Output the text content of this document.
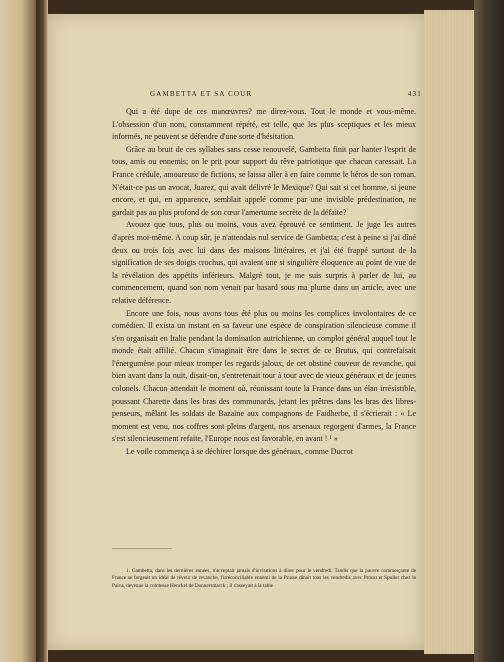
GAMBETTA ET SA COUR	431

Qui a été dupe de ces manœuvres? me direz-vous. Tout le monde et vous-même. L'obsession d'un nom, constamment répété, est telle, que les plus sceptiques et les mieux informés, ne peuvent se défendre d'une sorte d'hésitation.

Grâce au bruit de ces syllabes sans cesse renouvelé, Gambetta finit par hanter l'esprit de tous, amis ou ennemis; on le prit pour support du rêve patriotique que chacun caressait. La France crédule, amoureuse de fictions, se laissa aller à en faire comme le héros de son roman. N'était-ce pas un avocat, Juarez, qui avait délivré le Mexique? Qui sait si cet homme, si jeune encore, et qui, en apparence, semblait appelé comme par une invisible prédestination, ne gardait pas au plus profond de son cœur l'amertume secrète de la défaite?

Avouez que tous, plus ou moins, vous avez éprouvé ce sentiment. Je juge les autres d'après moi-même. A coup sûr, je n'attendais nul service de Gambetta; c'est à peine si j'ai dîné deux ou trois fois avec lui dans des maisons littéraires, et j'ai été frappé surtout de la signification de ses doigts crochus, qui avaient une si singulière éloquence au point de vue de la révélation des appétits inférieurs. Malgré tout, je me suis surpris à parler de lui, au commencement, quand son nom venait par hasard sous ma plume dans un article, avec une relative déférence.

Encore une fois, nous avons tous été plus ou moins les complices involontaires de ce comédien. Il exista un instant en sa faveur une espèce de conspiration silencieuse comme il s'en organisait en Italie pendant la domination autrichienne, un complot général auquel tout le monde était affilié. Chacun s'imaginait être dans le secret de ce Brutus, qui contrefaisait l'énergumène pour mieux tromper les regards jaloux, de cet obstiné couveur de revanche, qui bien avant dans la nuit, disait-on, s'entretenait tour à tour avec de vieux généraux et de jeunes colonels. Chacun attendait le moment où, réunissant toute la France dans un élan irrésistible, poussant Charette dans les bras des communards, jetant les prêtres dans les bras des libres-penseurs, mêlant les soldats de Bazaine aux compagnons de Faidherbe, il s'écrierait : « Le moment est venu, nos coffres sont pleins d'argent, nos arsenaux regorgent d'armes, la France s'est silencieusement refaite, l'Europe nous est favorable, en avant ! ¹ »

Le voile commença à se déchirer lorsque des généraux, comme Ducrot

1. Gambetta, dans les dernières années, n'acceptait jamais d'invitations à dîner pour le vendredi. Tandis que la pauvre commerçante de France se forgeait un idéal de rêveur de revanche, l'irréconciliable ennemi de la Prusse dînait tous les vendredis avec Pronst et Spuller chez la Païva, devenue la comtesse Henckel de Donnersmarck ; il s'asseyait à la table
